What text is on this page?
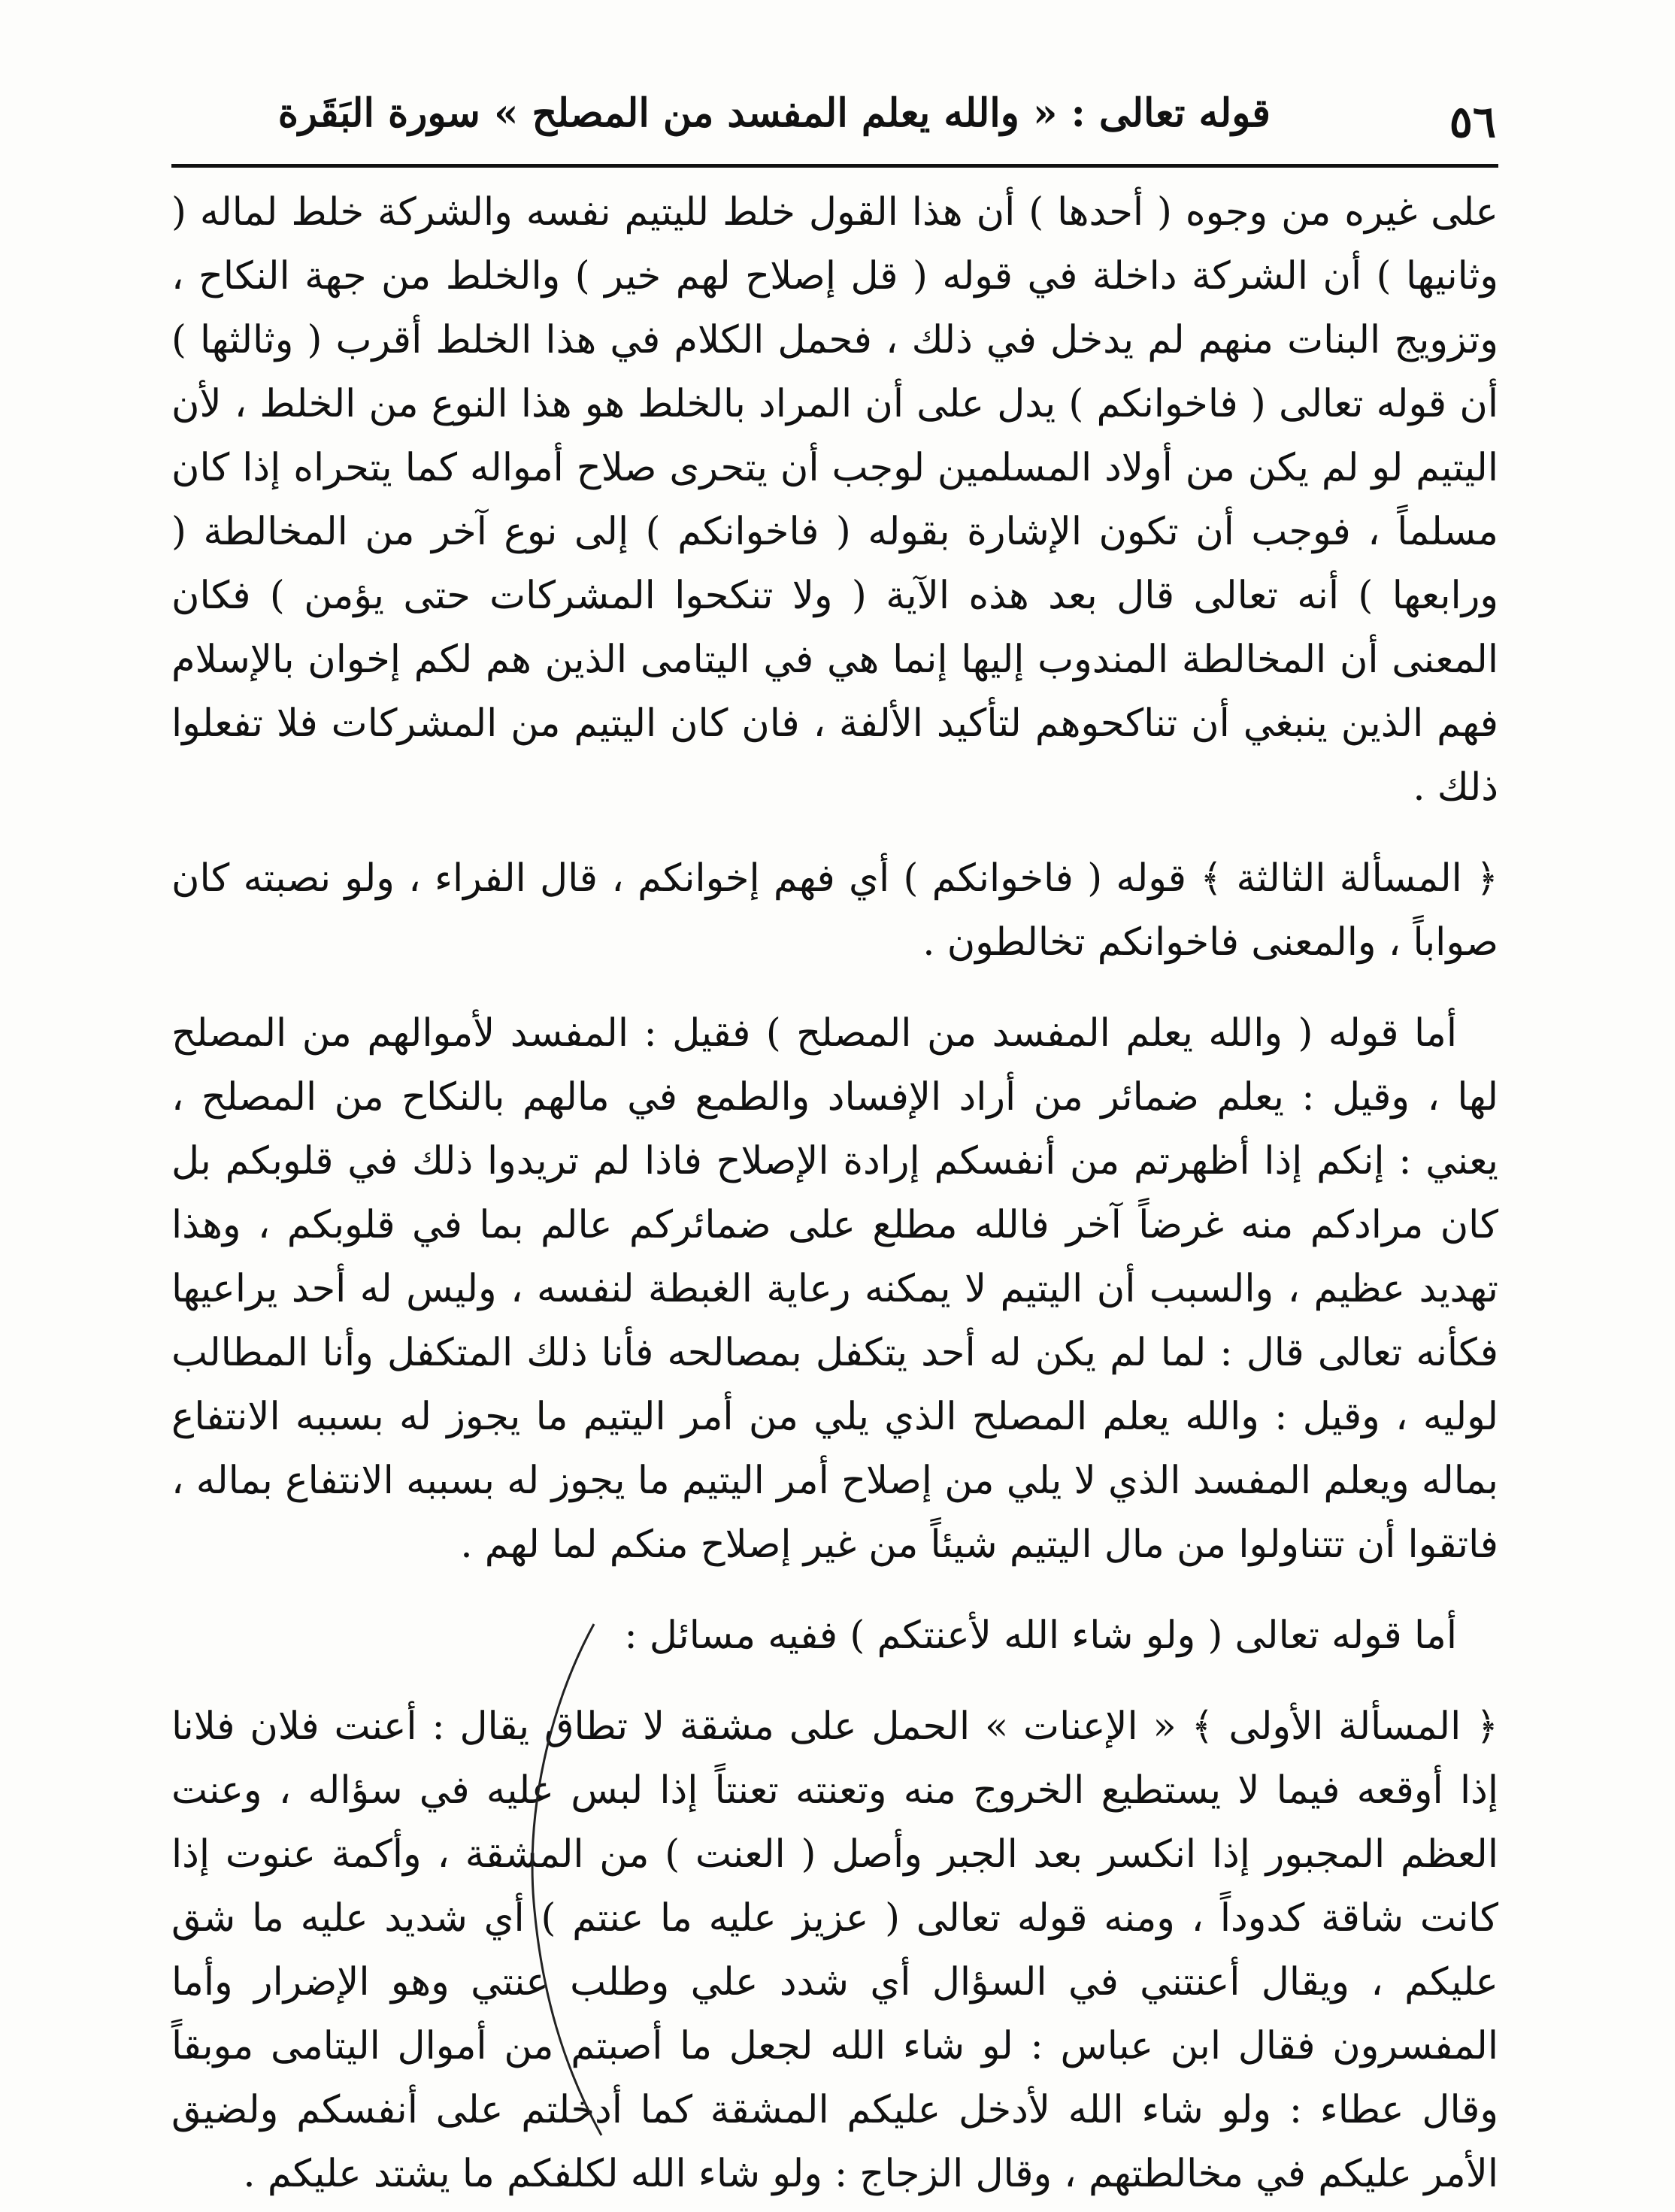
٥٦
قوله تعالى : « والله يعلم المفسد من المصلح » سورة البَقَرة

على غيره من وجوه ( أحدها ) أن هذا القول خلط لليتيم نفسه والشركة خلط لماله ( وثانيها ) أن الشركة داخلة في قوله ( قل إصلاح لهم خير ) والخلط من جهة النكاح ، وتزويج البنات منهم لم يدخل في ذلك ، فحمل الكلام في هذا الخلط أقرب ( وثالثها ) أن قوله تعالى ( فاخوانكم ) يدل على أن المراد بالخلط هو هذا النوع من الخلط ، لأن اليتيم لو لم يكن من أولاد المسلمين لوجب أن يتحرى صلاح أمواله كما يتحراه إذا كان مسلماً ، فوجب أن تكون الإشارة بقوله ( فاخوانكم ) إلى نوع آخر من المخالطة ( ورابعها ) أنه تعالى قال بعد هذه الآية ( ولا تنكحوا المشركات حتى يؤمن ) فكان المعنى أن المخالطة المندوب إليها إنما هي في اليتامى الذين هم لكم إخوان بالإسلام فهم الذين ينبغي أن تناكحوهم لتأكيد الألفة ، فان كان اليتيم من المشركات فلا تفعلوا ذلك .

﴿ المسألة الثالثة ﴾ قوله ( فاخوانكم ) أي فهم إخوانكم ، قال الفراء ، ولو نصبته كان صواباً ، والمعنى فاخوانكم تخالطون .

أما قوله ( والله يعلم المفسد من المصلح ) فقيل : المفسد لأموالهم من المصلح لها ، وقيل : يعلم ضمائر من أراد الإفساد والطمع في مالهم بالنكاح من المصلح ، يعني : إنكم إذا أظهرتم من أنفسكم إرادة الإصلاح فاذا لم تريدوا ذلك في قلوبكم بل كان مرادكم منه غرضاً آخر فالله مطلع على ضمائركم عالم بما في قلوبكم ، وهذا تهديد عظيم ، والسبب أن اليتيم لا يمكنه رعاية الغبطة لنفسه ، وليس له أحد يراعيها فكأنه تعالى قال : لما لم يكن له أحد يتكفل بمصالحه فأنا ذلك المتكفل وأنا المطالب لوليه ، وقيل : والله يعلم المصلح الذي يلي من أمر اليتيم ما يجوز له بسببه الانتفاع بماله ويعلم المفسد الذي لا يلي من إصلاح أمر اليتيم ما يجوز له بسببه الانتفاع بماله ، فاتقوا أن تتناولوا من مال اليتيم شيئاً من غير إصلاح منكم لما لهم .

أما قوله تعالى ( ولو شاء الله لأعنتكم ) ففيه مسائل :

﴿ المسألة الأولى ﴾ « الإعنات » الحمل على مشقة لا تطاق يقال : أعنت فلان فلانا إذا أوقعه فيما لا يستطيع الخروج منه وتعنته تعنتاً إذا لبس عليه في سؤاله ، وعنت العظم المجبور إذا انكسر بعد الجبر وأصل ( العنت ) من المشقة ، وأكمة عنوت إذا كانت شاقة كدوداً ، ومنه قوله تعالى ( عزيز عليه ما عنتم ) أي شديد عليه ما شق عليكم ، ويقال أعنتني في السؤال أي شدد علي وطلب عنتي وهو الإضرار وأما المفسرون فقال ابن عباس : لو شاء الله لجعل ما أصبتم من أموال اليتامى موبقاً وقال عطاء : ولو شاء الله لأدخل عليكم المشقة كما أدخلتم على أنفسكم ولضيق الأمر عليكم في مخالطتهم ، وقال الزجاج : ولو شاء الله لكلفكم ما يشتد عليكم .
